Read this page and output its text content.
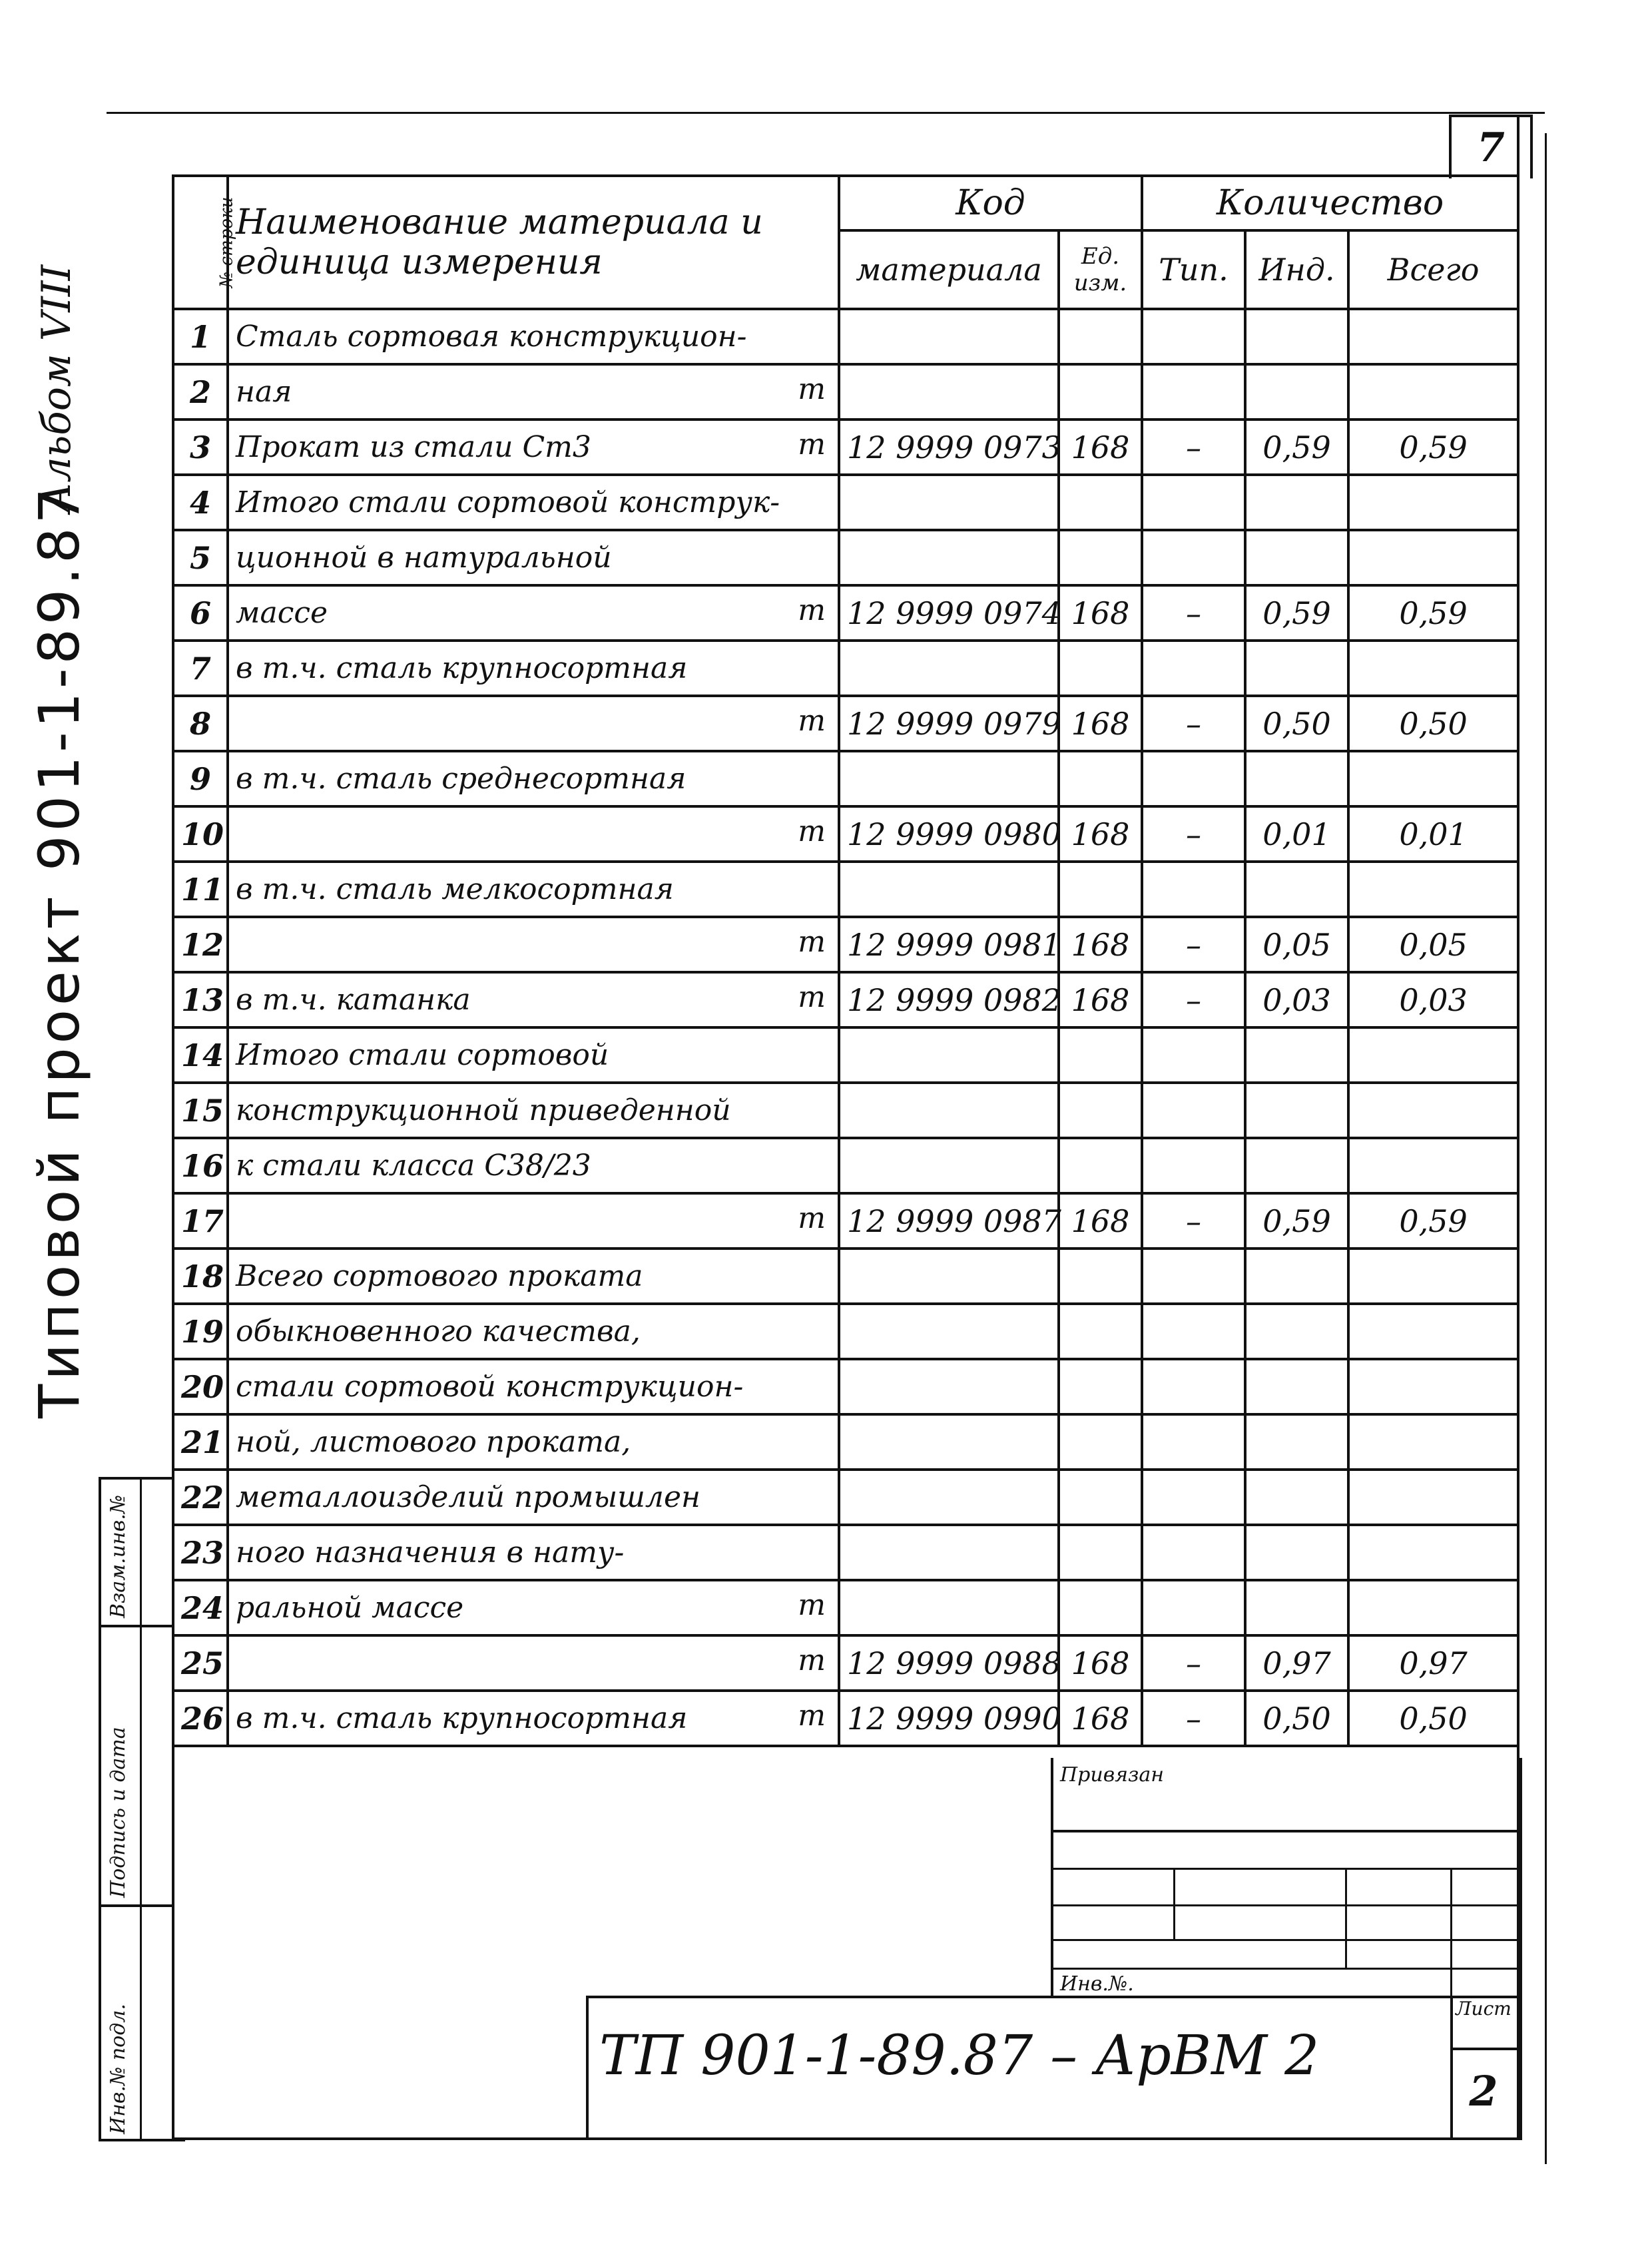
7
Альбом VIII
Типовой проект 901-1-89.87
Взам.инв.№
Подпись и дата
Инв.№ подл.
№ строки	Наименование материала и единица измерения	Код		Количество		
		материала	Ед. изм.	Тип.	Инд.	Всего
1	Сталь сортовая конструкцион-

2	ная т					

3	Прокат из стали Ст3 т	12 9999 0973	168	–	0,59	0,59
4	Итого стали сортовой конструк-

5	ционной в натуральной

6	массе т	12 9999 0974	168	–	0,59	0,59
7	в т.ч. сталь крупносортная

8	т	12 9999 0979	168	–	0,50	0,50
9	в т.ч. сталь среднесортная

10	т	12 9999 0980	168	–	0,01	0,01
11	в т.ч. сталь мелкосортная

12	т	12 9999 0981	168	–	0,05	0,05
13	в т.ч. катанка т	12 9999 0982	168	–	0,03	0,03
14	Итого стали сортовой

15	конструкционной приведенной

16	к стали класса С38/23

17	т	12 9999 0987	168	–	0,59	0,59
18	Всего сортового проката

19	обыкновенного качества,

20	стали сортовой конструкцион-

21	ной, листового проката,

22	металлоизделий промышлен

23	ного назначения в нату-

24	ральной массе т					

25	т	12 9999 0988	168	–	0,97	0,97
26	в т.ч. сталь крупносортная т	12 9999 0990	168	–	0,50	0,50
Привязан
Инв.№.
ТП 901-1-89.87 – АрВМ 2
Лист
2
